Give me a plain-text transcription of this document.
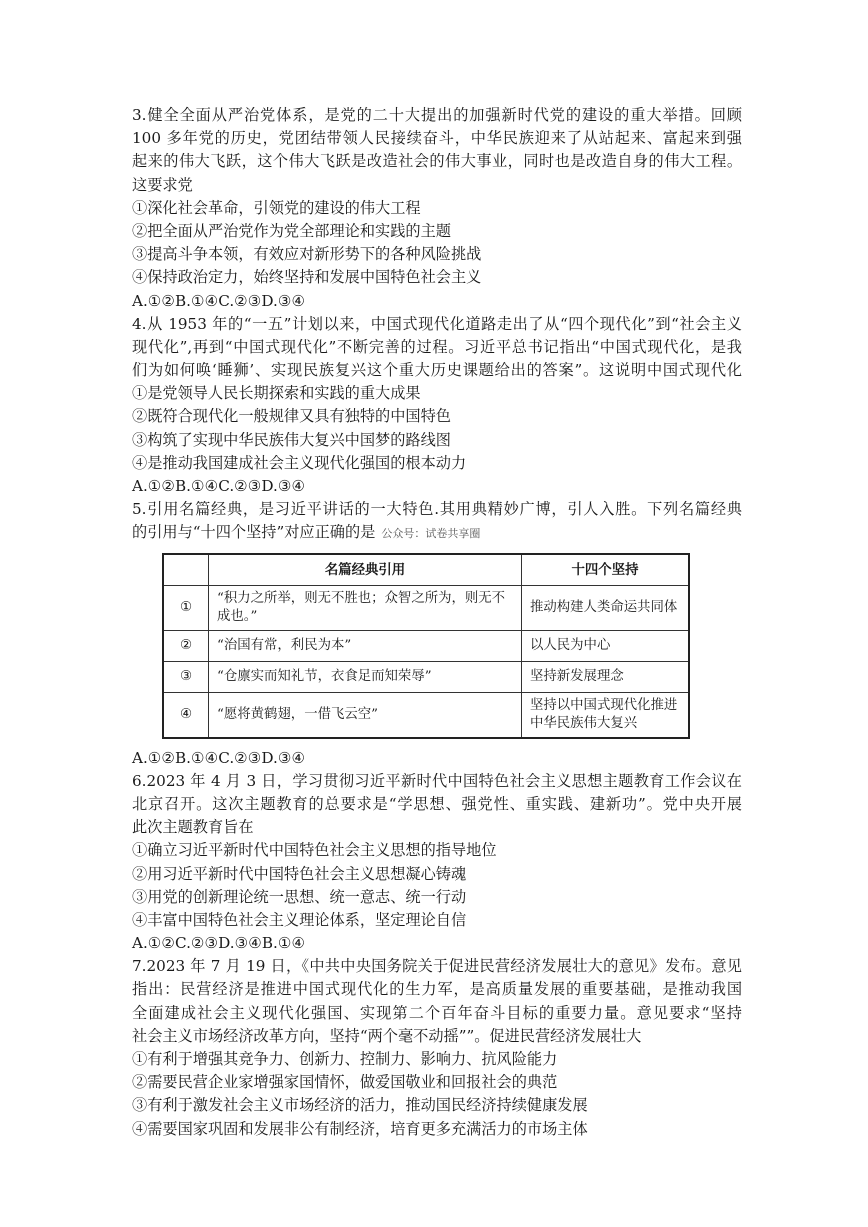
3.健全全面从严治党体系，是党的二十大提出的加强新时代党的建设的重大举措。回顾
100 多年党的历史，党团结带领人民接续奋斗，中华民族迎来了从站起来、富起来到强
起来的伟大飞跃，这个伟大飞跃是改造社会的伟大事业，同时也是改造自身的伟大工程。
这要求党
①深化社会革命，引领党的建设的伟大工程
②把全面从严治党作为党全部理论和实践的主题
③提高斗争本领，有效应对新形势下的各种风险挑战
④保持政治定力，始终坚持和发展中国特色社会主义
A.①②B.①④C.②③D.③④
4.从 1953 年的“一五”计划以来，中国式现代化道路走出了从“四个现代化”到“社会主义
现代化”,再到“中国式现代化”不断完善的过程。习近平总书记指出“中国式现代化，是我
们为如何唤‘睡狮’、实现民族复兴这个重大历史课题给出的答案”。这说明中国式现代化
①是党领导人民长期探索和实践的重大成果
②既符合现代化一般规律又具有独特的中国特色
③构筑了实现中华民族伟大复兴中国梦的路线图
④是推动我国建成社会主义现代化强国的根本动力
A.①②B.①④C.②③D.③④
5.引用名篇经典，是习近平讲话的一大特色.其用典精妙广博，引人入胜。下列名篇经典
的引用与“十四个坚持”对应正确的是 公众号：试卷共享圈
	名篇经典引用	十四个坚持
①	“积力之所举，则无不胜也；众智之所为，则无不成也。”	推动构建人类命运共同体
②	“治国有常，利民为本”	以人民为中心
③	“仓廪实而知礼节，衣食足而知荣辱”	坚持新发展理念
④	“愿将黄鹤翅，一借飞云空”	坚持以中国式现代化推进中华民族伟大复兴
A.①②B.①④C.②③D.③④
6.2023 年 4 月 3 日，学习贯彻习近平新时代中国特色社会主义思想主题教育工作会议在
北京召开。这次主题教育的总要求是“学思想、强党性、重实践、建新功”。党中央开展
此次主题教育旨在
①确立习近平新时代中国特色社会主义思想的指导地位
②用习近平新时代中国特色社会主义思想凝心铸魂
③用党的创新理论统一思想、统一意志、统一行动
④丰富中国特色社会主义理论体系，坚定理论自信
A.①②C.②③D.③④B.①④
7.2023 年 7 月 19 日，《中共中央国务院关于促进民营经济发展壮大的意见》发布。意见
指出：民营经济是推进中国式现代化的生力军，是高质量发展的重要基础，是推动我国
全面建成社会主义现代化强国、实现第二个百年奋斗目标的重要力量。意见要求“坚持
社会主义市场经济改革方向，坚持“两个毫不动摇””。促进民营经济发展壮大
①有利于增强其竞争力、创新力、控制力、影响力、抗风险能力
②需要民营企业家增强家国情怀，做爱国敬业和回报社会的典范
③有利于激发社会主义市场经济的活力，推动国民经济持续健康发展
④需要国家巩固和发展非公有制经济，培育更多充满活力的市场主体
